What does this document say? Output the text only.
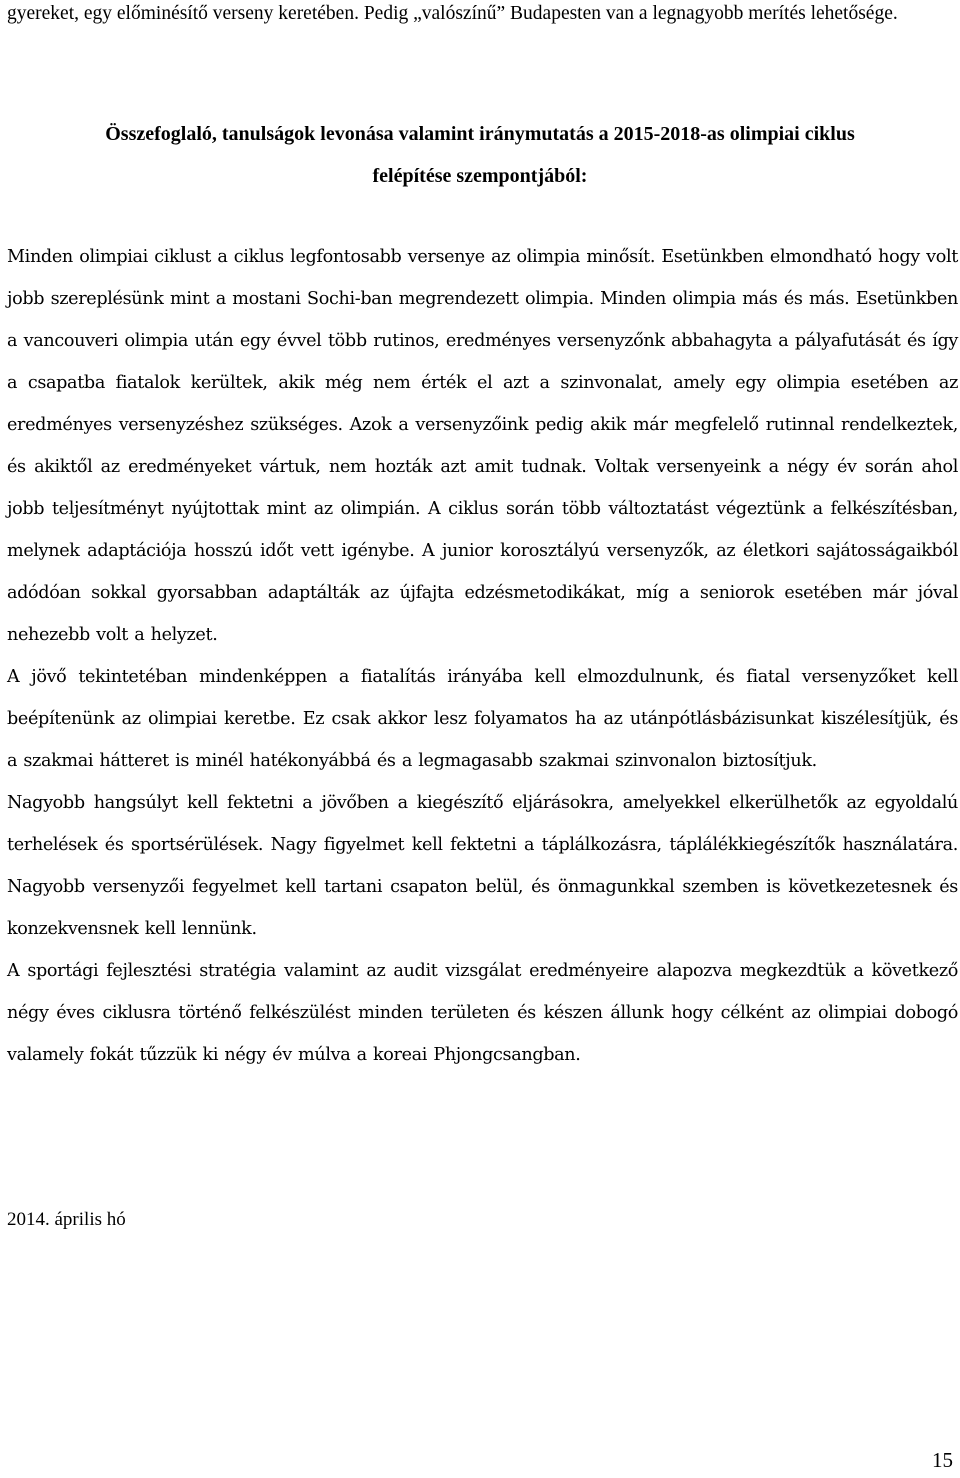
gyereket, egy előminésítő verseny keretében. Pedig „valószínű” Budapesten van a legnagyobb merítés lehetősége.

Összefoglaló, tanulságok levonása valamint iránymutatás a 2015-2018-as olimpiai ciklus
felépítése szempontjából:

Minden olimpiai ciklust a ciklus legfontosabb versenye az olimpia minősít. Esetünkben elmondható hogy volt jobb szereplésünk mint a mostani Sochi-ban megrendezett olimpia. Minden olimpia más és más. Esetünkben a vancouveri olimpia után egy évvel több rutinos, eredményes versenyzőnk abbahagyta a pályafutását és így a csapatba fiatalok kerültek, akik még nem érték el azt a szinvonalat, amely egy olimpia esetében az eredményes versenyzéshez szükséges. Azok a versenyzőink pedig akik már megfelelő rutinnal rendelkeztek, és akiktől az eredményeket vártuk, nem hozták azt amit tudnak. Voltak versenyeink a négy év során ahol jobb teljesítményt nyújtottak mint az olimpián. A ciklus során több változtatást végeztünk a felkészítésban, melynek adaptációja hosszú időt vett igénybe. A junior korosztályú versenyzők, az életkori sajátosságaikból adódóan sokkal gyorsabban adaptálták az újfajta edzésmetodikákat, míg a seniorok esetében már jóval nehezebb volt a helyzet.

A jövő tekintetéban mindenképpen a fiatalítás irányába kell elmozdulnunk, és fiatal versenyzőket kell beépítenünk az olimpiai keretbe. Ez csak akkor lesz folyamatos ha az utánpótlásbázisunkat kiszélesítjük, és a szakmai hátteret is minél hatékonyábbá és a legmagasabb szakmai szinvonalon biztosítjuk.

Nagyobb hangsúlyt kell fektetni a jövőben a kiegészítő eljárásokra, amelyekkel elkerülhetők az egyoldalú terhelések és sportsérülések. Nagy figyelmet kell fektetni a táplálkozásra, táplálékkiegészítők használatára. Nagyobb versenyzői fegyelmet kell tartani csapaton belül, és önmagunkkal szemben is következetesnek és konzekvensnek kell lennünk.

A sportági fejlesztési stratégia valamint az audit vizsgálat eredményeire alapozva megkezdtük a következő négy éves ciklusra történő felkészülést minden területen és készen állunk hogy célként az olimpiai dobogó valamely fokát tűzzük ki négy év múlva a koreai Phjongcsangban.

2014. április hó

15
